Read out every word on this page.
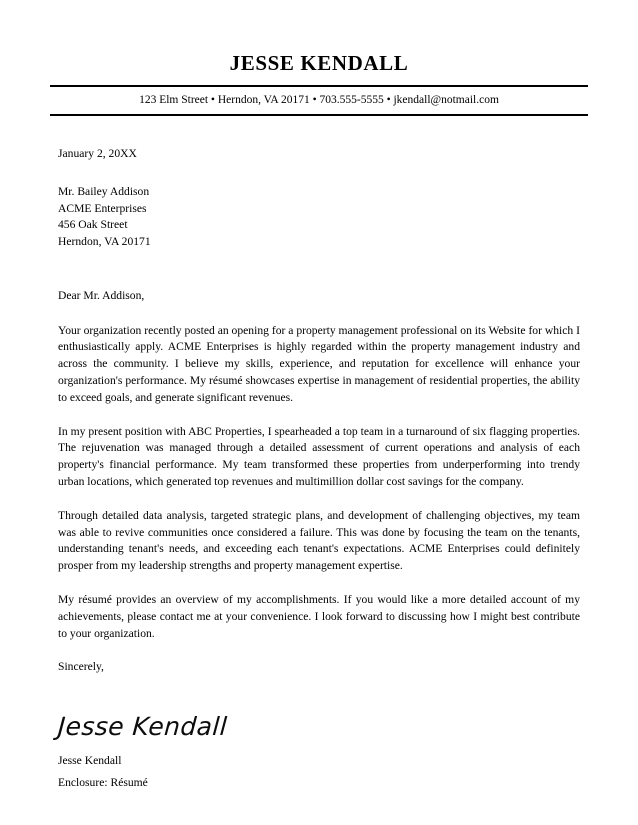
JESSE KENDALL

123 Elm Street • Herndon, VA 20171 • 703.555-5555 • jkendall@notmail.com

January 2, 20XX
Mr. Bailey Addison
ACME Enterprises
456 Oak Street
Herndon, VA 20171
Dear Mr. Addison,

Your organization recently posted an opening for a property management professional on its Website for which I enthusiastically apply. ACME Enterprises is highly regarded within the property management industry and across the community. I believe my skills, experience, and reputation for excellence will enhance your organization's performance. My résumé showcases expertise in management of residential properties, the ability to exceed goals, and generate significant revenues.

In my present position with ABC Properties, I spearheaded a top team in a turnaround of six flagging properties. The rejuvenation was managed through a detailed assessment of current operations and analysis of each property's financial performance. My team transformed these properties from underperforming into trendy urban locations, which generated top revenues and multimillion dollar cost savings for the company.

Through detailed data analysis, targeted strategic plans, and development of challenging objectives, my team was able to revive communities once considered a failure. This was done by focusing the team on the tenants, understanding tenant's needs, and exceeding each tenant's expectations. ACME Enterprises could definitely prosper from my leadership strengths and property management expertise.

My résumé provides an overview of my accomplishments. If you would like a more detailed account of my achievements, please contact me at your convenience. I look forward to discussing how I might best contribute to your organization.

Sincerely,
Jesse Kendall
Jesse Kendall
Enclosure: Résumé
